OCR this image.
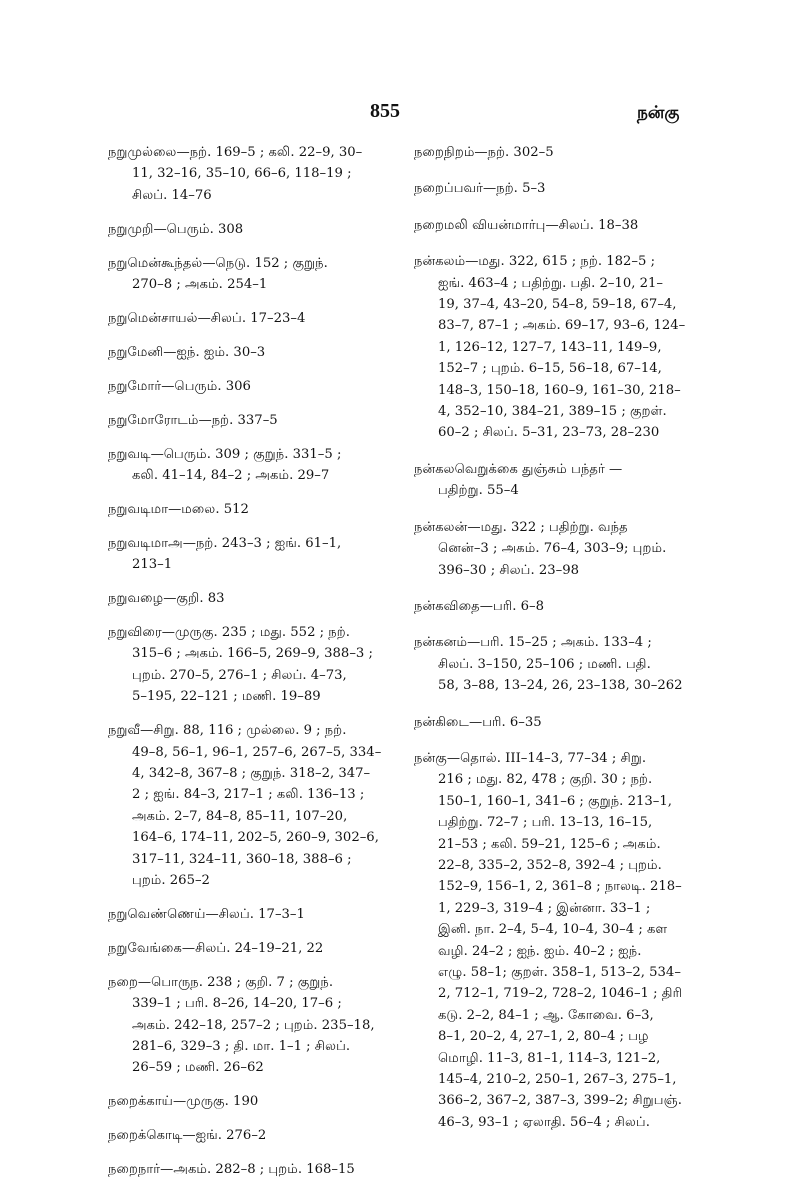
855	நன்கு
நறுமுல்லை—நற். 169–5 ; கலி. 22–9, 30–
11, 32–16, 35–10, 66–6, 118–19 ;
சிலப். 14–76
நறுமுறி—பெரும். 308
நறுமென்கூந்தல்—நெடு. 152 ; குறுந்.
270–8 ; அகம். 254–1
நறுமென்சாயல்—சிலப். 17–23–4
நறுமேனி—ஐந். ஐம். 30–3
நறுமோர்—பெரும். 306
நறுமோரோடம்—நற். 337–5
நறுவடி—பெரும். 309 ; குறுந். 331–5 ;
கலி. 41–14, 84–2 ; அகம். 29–7
நறுவடிமா—மலை. 512
நறுவடிமாஅ—நற். 243–3 ; ஐங். 61–1,
213–1
நறுவழை—குறி. 83
நறுவிரை—முருகு. 235 ; மது. 552 ; நற்.
315–6 ; அகம். 166–5, 269–9, 388–3 ;
புறம். 270–5, 276–1 ; சிலப். 4–73,
5–195, 22–121 ; மணி. 19–89
நறுவீ—சிறு. 88, 116 ; முல்லை. 9 ; நற்.
49–8, 56–1, 96–1, 257–6, 267–5, 334–
4, 342–8, 367–8 ; குறுந். 318–2, 347–
2 ; ஐங். 84–3, 217–1 ; கலி. 136–13 ;
அகம். 2–7, 84–8, 85–11, 107–20,
164–6, 174–11, 202–5, 260–9, 302–6,
317–11, 324–11, 360–18, 388–6 ;
புறம். 265–2
நறுவெண்ணெய்—சிலப். 17–3–1
நறுவேங்கை—சிலப். 24–19–21, 22
நறை—பொருந. 238 ; குறி. 7 ; குறுந்.
339–1 ; பரி. 8–26, 14–20, 17–6 ;
அகம். 242–18, 257–2 ; புறம். 235–18,
281–6, 329–3 ; தி. மா. 1–1 ; சிலப்.
26–59 ; மணி. 26–62
நறைக்காய்—முருகு. 190
நறைக்கொடி—ஐங். 276–2
நறைநார்—அகம். 282–8 ; புறம். 168–15
நறைநிறம்—நற். 302–5
நறைப்பவர்—நற். 5–3
நறைமலி வியன்மார்பு—சிலப். 18–38
நன்கலம்—மது. 322, 615 ; நற். 182–5 ;
ஐங். 463–4 ; பதிற்று. பதி. 2–10, 21–
19, 37–4, 43–20, 54–8, 59–18, 67–4,
83–7, 87–1 ; அகம். 69–17, 93–6, 124–
1, 126–12, 127–7, 143–11, 149–9,
152–7 ; புறம். 6–15, 56–18, 67–14,
148–3, 150–18, 160–9, 161–30, 218–
4, 352–10, 384–21, 389–15 ; குறள்.
60–2 ; சிலப். 5–31, 23–73, 28–230
நன்கலவெறுக்கை துஞ்சும் பந்தர் —
பதிற்று. 55–4
நன்கலன்—மது. 322 ; பதிற்று. வந்த
னென்–3 ; அகம். 76–4, 303–9; புறம்.
396–30 ; சிலப். 23–98
நன்கவிதை—பரி. 6–8
நன்கனம்—பரி. 15–25 ; அகம். 133–4 ;
சிலப். 3–150, 25–106 ; மணி. பதி.
58, 3–88, 13–24, 26, 23–138, 30–262
நன்கிடை—பரி. 6–35
நன்கு—தொல். III–14–3, 77–34 ; சிறு.
216 ; மது. 82, 478 ; குறி. 30 ; நற்.
150–1, 160–1, 341–6 ; குறுந். 213–1,
பதிற்று. 72–7 ; பரி. 13–13, 16–15,
21–53 ; கலி. 59–21, 125–6 ; அகம்.
22–8, 335–2, 352–8, 392–4 ; புறம்.
152–9, 156–1, 2, 361–8 ; நாலடி. 218–
1, 229–3, 319–4 ; இன்னா. 33–1 ;
இனி. நா. 2–4, 5–4, 10–4, 30–4 ; கள
வழி. 24–2 ; ஐந். ஐம். 40–2 ; ஐந்.
எழு. 58–1; குறள். 358–1, 513–2, 534–
2, 712–1, 719–2, 728–2, 1046–1 ; திரி
கடு. 2–2, 84–1 ; ஆ. கோவை. 6–3,
8–1, 20–2, 4, 27–1, 2, 80–4 ; பழ
மொழி. 11–3, 81–1, 114–3, 121–2,
145–4, 210–2, 250–1, 267–3, 275–1,
366–2, 367–2, 387–3, 399–2; சிறுபஞ்.
46–3, 93–1 ; ஏலாதி. 56–4 ; சிலப்.
